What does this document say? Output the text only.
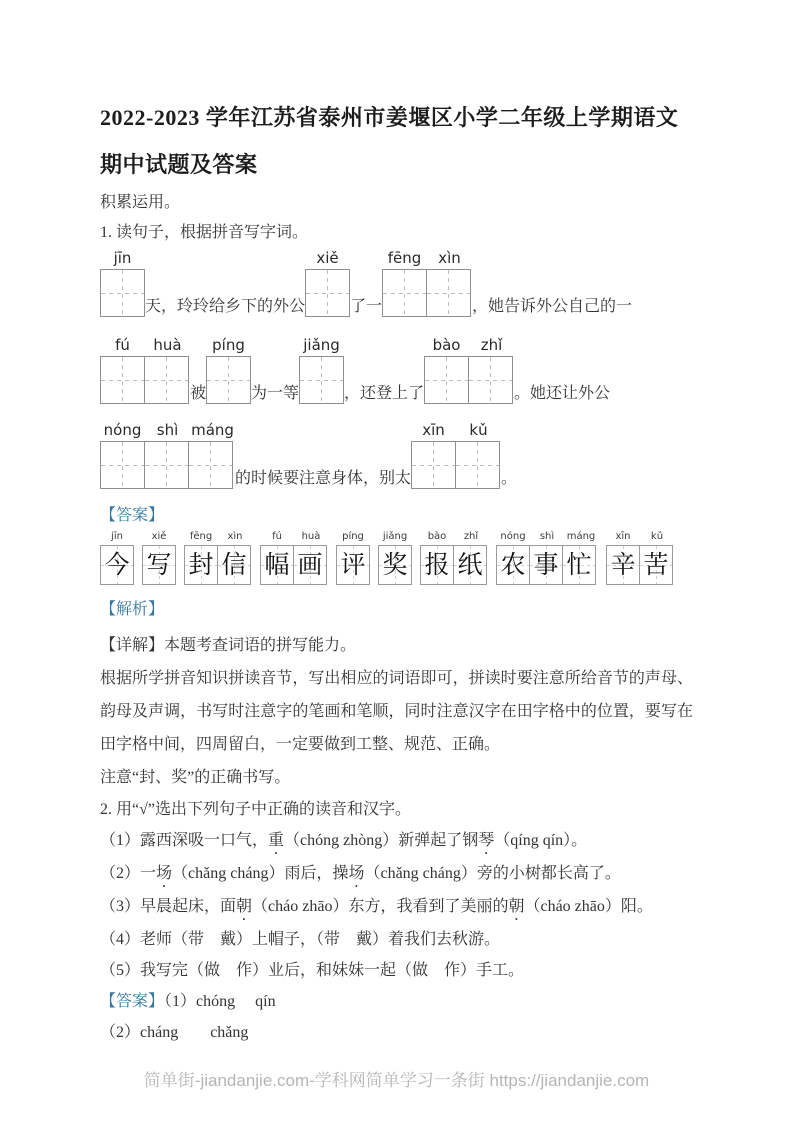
2022-2023 学年江苏省泰州市姜堰区小学二年级上学期语文
期中试题及答案
积累运用。
1. 读句子，根据拼音写字词。
jīn
天，玲玲给乡下的外公
xiě
了一
fēng	xìn
，她告诉外公自己的一
fú	huà
被
píng
为一等
jiǎng
，还登上了
bào	zhǐ
。她还让外公
nóng	shì máng
的时候要注意身体，别太
xīn	kǔ
。
【答案】
jīn
今
xiě
写
fēng	xìn
封 信
fú	huà
幅 画
píng
评
jiǎng
奖
bào	zhǐ
报 纸
nóng	shì	máng
农 事 忙
xīn	kǔ
辛 苦
【解析】
【详解】本题考查词语的拼写能力。

根据所学拼音知识拼读音节，写出相应的词语即可，拼读时要注意所给音节的声母、韵母及声调，书写时注意字的笔画和笔顺，同时注意汉字在田字格中的位置，要写在田字格中间，四周留白，一定要做到工整、规范、正确。

注意“封、奖”的正确书写。

2. 用“√”选出下列句子中正确的读音和汉字。
（1）露西深吸一口气，重（chóng zhòng）新弹起了钢琴（qíng qín）。
（2）一场（chǎng cháng）雨后，操场（chǎng cháng）旁的小树都长高了。
（3）早晨起床，面朝（cháo zhāo）东方，我看到了美丽的朝（cháo zhāo）阳。
（4）老师（带　戴）上帽子，（带　戴）着我们去秋游。
（5）我写完（做　作）业后，和妹妹一起（做　作）手工。
【答案】（1）chóng　 qín
（2）cháng　　chǎng
简单街-jiandanjie.com-学科网简单学习一条街 https://jiandanjie.com
